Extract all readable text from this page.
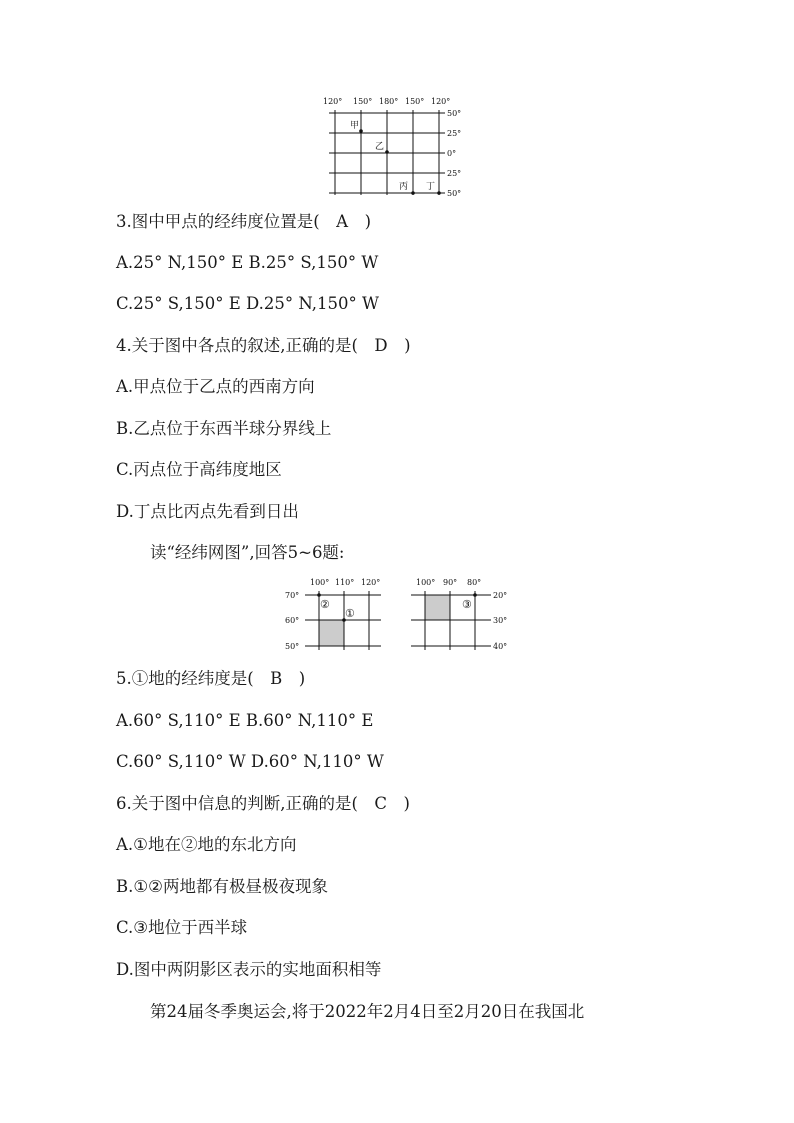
120° 150° 180° 150° 120°
50°
25°
0°
25°
50°
甲
乙
丙 丁
3.图中甲点的经纬度位置是(　A　)
A.25° N,150° E B.25° S,150° W
C.25° S,150° E D.25° N,150° W
4.关于图中各点的叙述,正确的是(　D　)
A.甲点位于乙点的西南方向
B.乙点位于东西半球分界线上
C.丙点位于高纬度地区
D.丁点比丙点先看到日出
读“经纬网图”,回答5~6题:
100° 110° 120°
70°
60°
50°
②
①
100° 90° 80°
20°
30°
40°
③
5.①地的经纬度是(　B　)
A.60° S,110° E B.60° N,110° E
C.60° S,110° W D.60° N,110° W
6.关于图中信息的判断,正确的是(　C　)
A.①地在②地的东北方向
B.①②两地都有极昼极夜现象
C.③地位于西半球
D.图中两阴影区表示的实地面积相等
第24届冬季奥运会,将于2022年2月4日至2月20日在我国北
